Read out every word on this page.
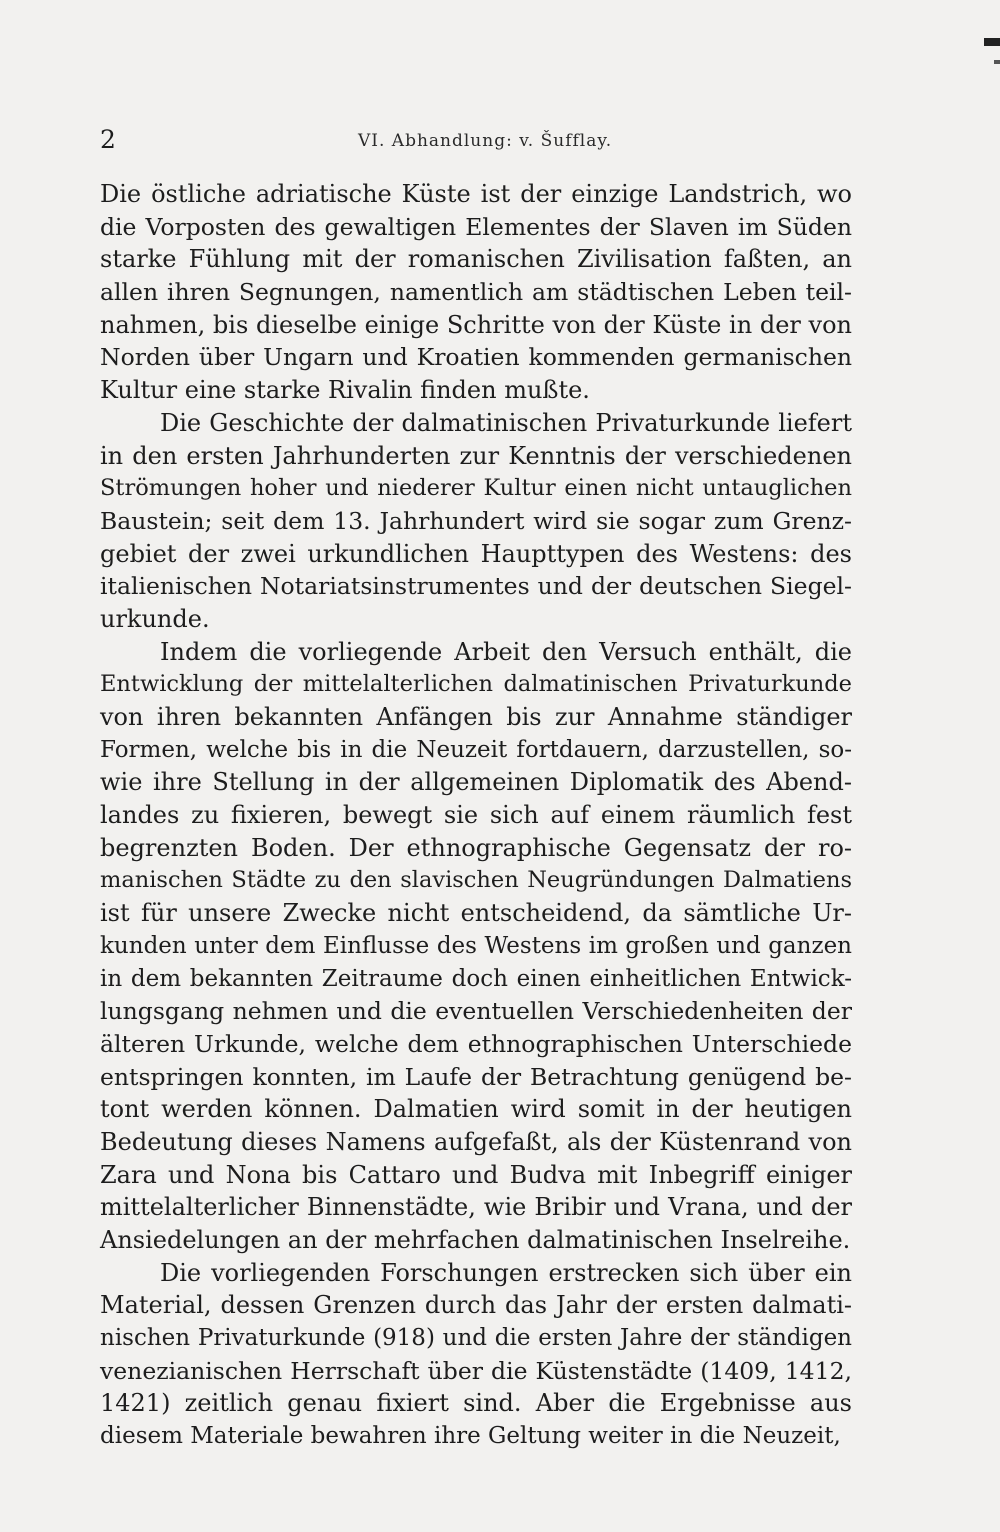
2	VI. Abhandlung: v. Šufflay.
Die östliche adriatische Küste ist der einzige Landstrich, wo
die Vorposten des gewaltigen Elementes der Slaven im Süden
starke Fühlung mit der romanischen Zivilisation faßten, an
allen ihren Segnungen, namentlich am städtischen Leben teil-
nahmen, bis dieselbe einige Schritte von der Küste in der von
Norden über Ungarn und Kroatien kommenden germanischen
Kultur eine starke Rivalin finden mußte.
Die Geschichte der dalmatinischen Privaturkunde liefert
in den ersten Jahrhunderten zur Kenntnis der verschiedenen
Strömungen hoher und niederer Kultur einen nicht untauglichen
Baustein; seit dem 13. Jahrhundert wird sie sogar zum Grenz-
gebiet der zwei urkundlichen Haupttypen des Westens: des
italienischen Notariatsinstrumentes und der deutschen Siegel-
urkunde.
Indem die vorliegende Arbeit den Versuch enthält, die
Entwicklung der mittelalterlichen dalmatinischen Privaturkunde
von ihren bekannten Anfängen bis zur Annahme ständiger
Formen, welche bis in die Neuzeit fortdauern, darzustellen, so-
wie ihre Stellung in der allgemeinen Diplomatik des Abend-
landes zu fixieren, bewegt sie sich auf einem räumlich fest
begrenzten Boden. Der ethnographische Gegensatz der ro-
manischen Städte zu den slavischen Neugründungen Dalmatiens
ist für unsere Zwecke nicht entscheidend, da sämtliche Ur-
kunden unter dem Einflusse des Westens im großen und ganzen
in dem bekannten Zeitraume doch einen einheitlichen Entwick-
lungsgang nehmen und die eventuellen Verschiedenheiten der
älteren Urkunde, welche dem ethnographischen Unterschiede
entspringen konnten, im Laufe der Betrachtung genügend be-
tont werden können. Dalmatien wird somit in der heutigen
Bedeutung dieses Namens aufgefaßt, als der Küstenrand von
Zara und Nona bis Cattaro und Budva mit Inbegriff einiger
mittelalterlicher Binnenstädte, wie Bribir und Vrana, und der
Ansiedelungen an der mehrfachen dalmatinischen Inselreihe.
Die vorliegenden Forschungen erstrecken sich über ein
Material, dessen Grenzen durch das Jahr der ersten dalmati-
nischen Privaturkunde (918) und die ersten Jahre der ständigen
venezianischen Herrschaft über die Küstenstädte (1409, 1412,
1421) zeitlich genau fixiert sind. Aber die Ergebnisse aus
diesem Materiale bewahren ihre Geltung weiter in die Neuzeit,
